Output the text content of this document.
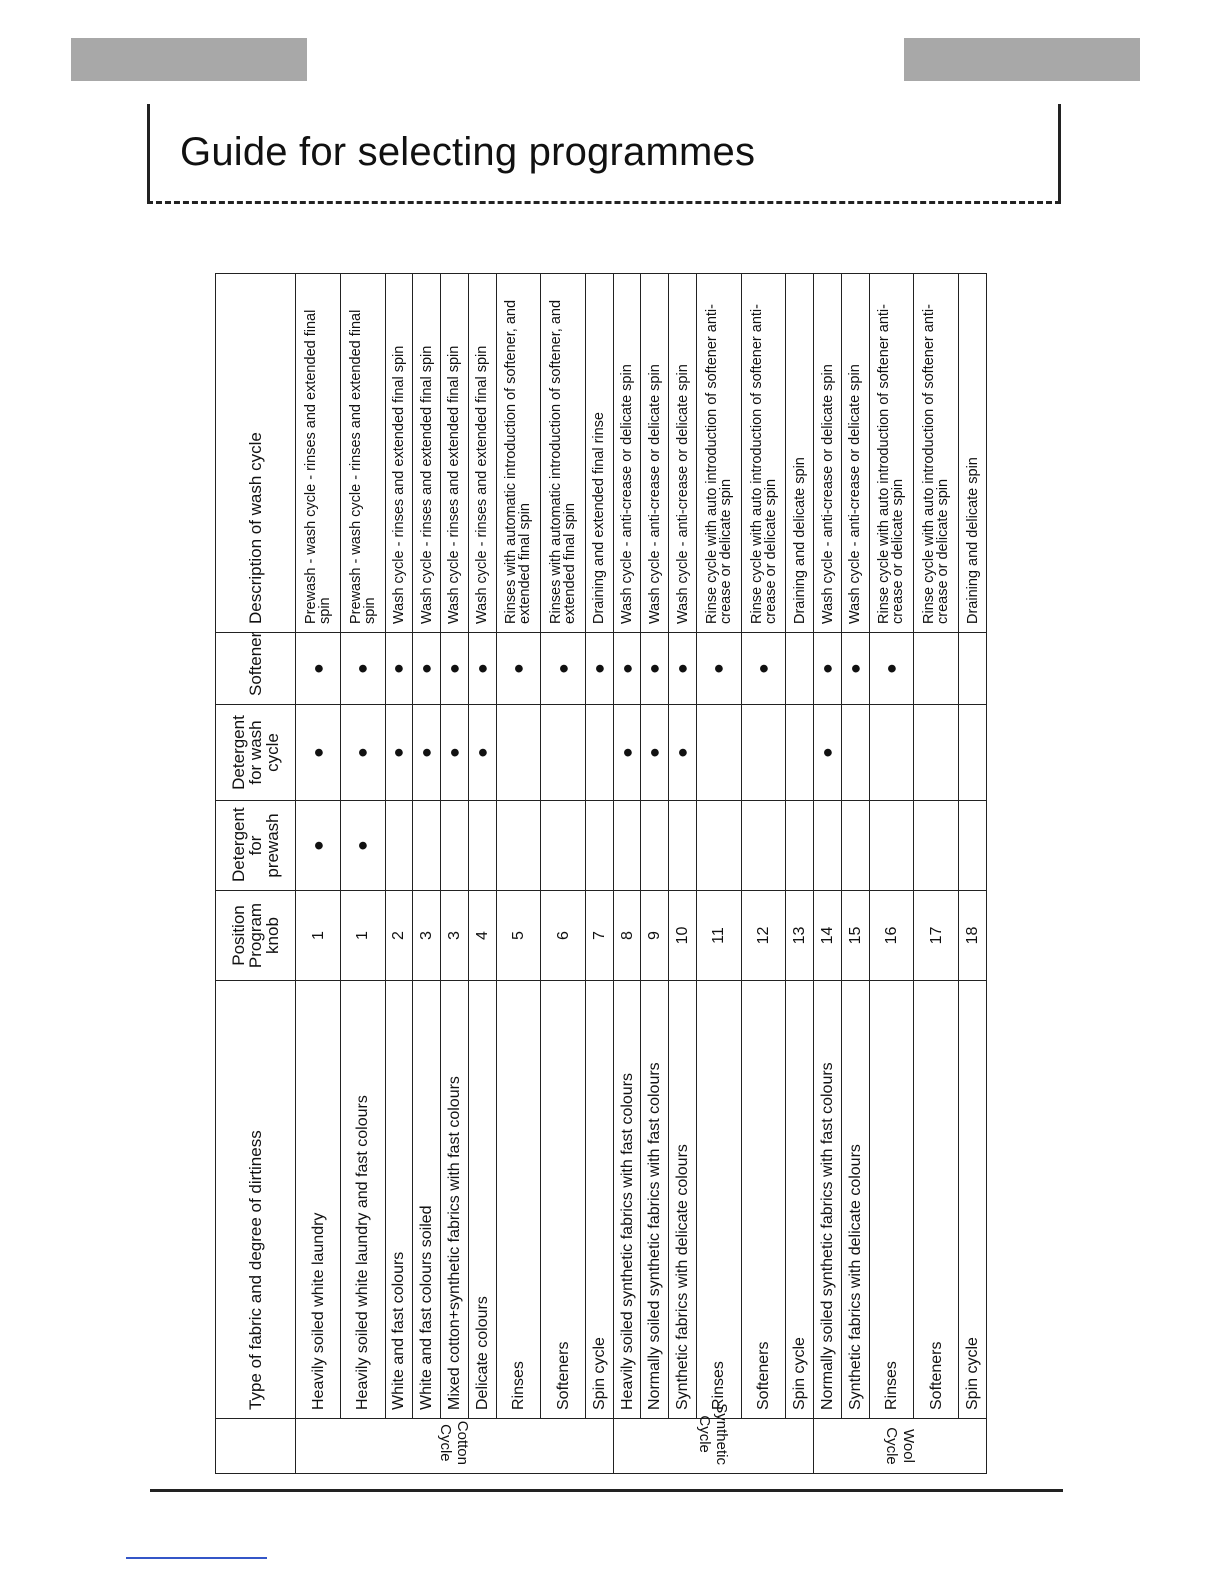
Guide for selecting programmes
	Type of fabric and degree of dirtiness	Position Program knob	Detergent for prewash	Detergent for wash cycle	Softener	Description of wash cycle
Cotton Cycle	Heavily soiled white laundry	1	●	●	●	Prewash - wash cycle - rinses and extended final spin
	Heavily soiled white laundry and fast colours	1	●	●	●	Prewash - wash cycle - rinses and extended final spin
	White and fast colours	2		●	●	Wash cycle - rinses and extended final spin
	White and fast colours soiled	3		●	●	Wash cycle - rinses and extended final spin
	Mixed cotton+synthetic fabrics with fast colours	3		●	●	Wash cycle - rinses and extended final spin
	Delicate colours	4		●	●	Wash cycle - rinses and extended final spin
	Rinses	5			●	Rinses with automatic introduction of softener, and extended final spin
	Softeners	6			●	Rinses with automatic introduction of softener, and extended final spin
	Spin cycle	7			●	Draining and extended final rinse
Synthetic Cycle	Heavily soiled synthetic fabrics with fast colours	8		●	●	Wash cycle - anti-crease or delicate spin
	Normally soiled synthetic fabrics with fast colours	9		●	●	Wash cycle - anti-crease or delicate spin
	Synthetic fabrics with delicate colours	10		●	●	Wash cycle - anti-crease or delicate spin
	Rinses	11			●	Rinse cycle with auto introduction of softener anti-crease or delicate spin
	Softeners	12			●	Rinse cycle with auto introduction of softener anti-crease or delicate spin
	Spin cycle	13				Draining and delicate spin
Wool Cycle	Normally soiled synthetic fabrics with fast colours	14		●	●	Wash cycle - anti-crease or delicate spin
	Synthetic fabrics with delicate colours	15			●	Wash cycle - anti-crease or delicate spin
	Rinses	16			●	Rinse cycle with auto introduction of softener anti-crease or delicate spin
	Softeners	17				Rinse cycle with auto introduction of softener anti-crease or delicate spin
	Spin cycle	18				Draining and delicate spin
